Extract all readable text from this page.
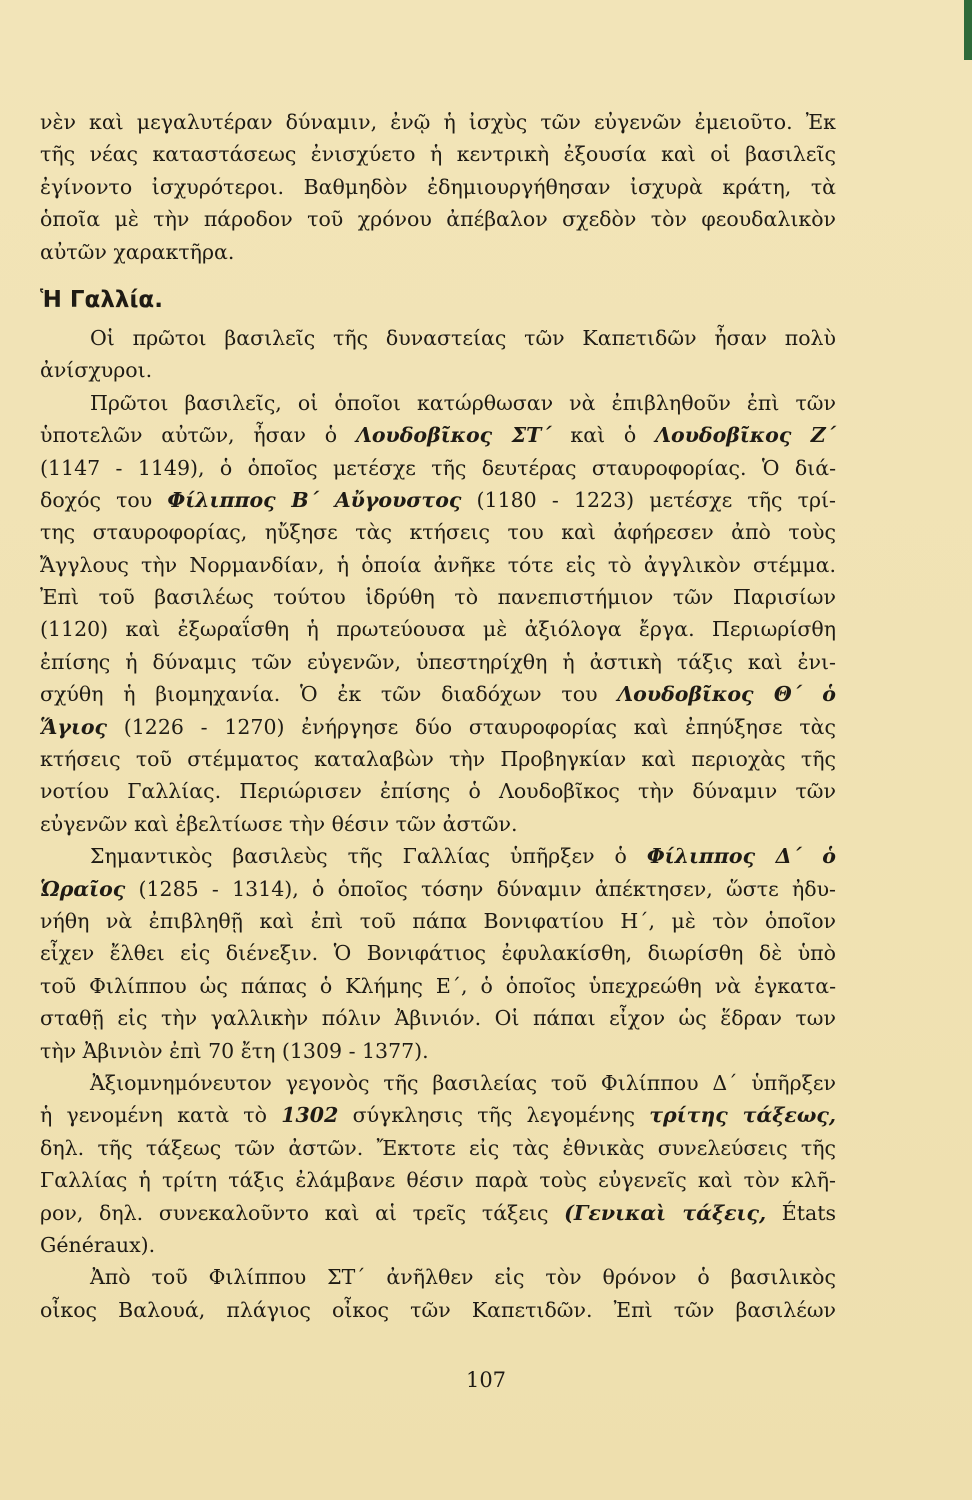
νὲν καὶ μεγαλυτέραν δύναμιν, ἐνῷ ἡ ἰσχὺς τῶν εὐγενῶν ἐμειοῦτο. Ἐκ
τῆς νέας καταστάσεως ἐνισχύετο ἡ κεντρικὴ ἐξουσία καὶ οἱ βασιλεῖς
ἐγίνοντο ἰσχυρότεροι. Βαθμηδὸν ἐδημιουργήθησαν ἰσχυρὰ κράτη, τὰ
ὁποῖα μὲ τὴν πάροδον τοῦ χρόνου ἀπέβαλον σχεδὸν τὸν φεουδαλικὸν
αὐτῶν χαρακτῆρα.
Ἡ Γαλλία.
Οἱ πρῶτοι βασιλεῖς τῆς δυναστείας τῶν Καπετιδῶν ἦσαν πολὺ
ἀνίσχυροι.
Πρῶτοι βασιλεῖς, οἱ ὁποῖοι κατώρθωσαν νὰ ἐπιβληθοῦν ἐπὶ τῶν
ὑποτελῶν αὐτῶν, ἦσαν ὁ Λουδοβῖκος ΣΤ΄ καὶ ὁ Λουδοβῖκος Ζ΄
(1147 - 1149), ὁ ὁποῖος μετέσχε τῆς δευτέρας σταυροφορίας. Ὁ διά-
δοχός του Φίλιππος Β΄ Αὔγουστος (1180 - 1223) μετέσχε τῆς τρί-
της σταυροφορίας, ηὔξησε τὰς κτήσεις του καὶ ἀφήρεσεν ἀπὸ τοὺς
Ἄγγλους τὴν Νορμανδίαν, ἡ ὁποία ἀνῆκε τότε εἰς τὸ ἀγγλικὸν στέμμα.
Ἐπὶ τοῦ βασιλέως τούτου ἱδρύθη τὸ πανεπιστήμιον τῶν Παρισίων
(1120) καὶ ἐξωραΐσθη ἡ πρωτεύουσα μὲ ἀξιόλογα ἔργα. Περιωρίσθη
ἐπίσης ἡ δύναμις τῶν εὐγενῶν, ὑπεστηρίχθη ἡ ἀστικὴ τάξις καὶ ἐνι-
σχύθη ἡ βιομηχανία. Ὁ ἐκ τῶν διαδόχων του Λουδοβῖκος Θ΄ ὁ
Ἅγιος (1226 - 1270) ἐνήργησε δύο σταυροφορίας καὶ ἐπηύξησε τὰς
κτήσεις τοῦ στέμματος καταλαβὼν τὴν Προβηγκίαν καὶ περιοχὰς τῆς
νοτίου Γαλλίας. Περιώρισεν ἐπίσης ὁ Λουδοβῖκος τὴν δύναμιν τῶν
εὐγενῶν καὶ ἐβελτίωσε τὴν θέσιν τῶν ἀστῶν.
Σημαντικὸς βασιλεὺς τῆς Γαλλίας ὑπῆρξεν ὁ Φίλιππος Δ΄ ὁ
Ὡραῖος (1285 - 1314), ὁ ὁποῖος τόσην δύναμιν ἀπέκτησεν, ὥστε ἠδυ-
νήθη νὰ ἐπιβληθῇ καὶ ἐπὶ τοῦ πάπα Βονιφατίου Η΄, μὲ τὸν ὁποῖον
εἶχεν ἔλθει εἰς διένεξιν. Ὁ Βονιφάτιος ἐφυλακίσθη, διωρίσθη δὲ ὑπὸ
τοῦ Φιλίππου ὡς πάπας ὁ Κλήμης Ε΄, ὁ ὁποῖος ὑπεχρεώθη νὰ ἐγκατα-
σταθῇ εἰς τὴν γαλλικὴν πόλιν Ἀβινιόν. Οἱ πάπαι εἶχον ὡς ἕδραν των
τὴν Ἀβινιὸν ἐπὶ 70 ἔτη (1309 - 1377).
Ἀξιομνημόνευτον γεγονὸς τῆς βασιλείας τοῦ Φιλίππου Δ΄ ὑπῆρξεν
ἡ γενομένη κατὰ τὸ 1302 σύγκλησις τῆς λεγομένης τρίτης τάξεως,
δηλ. τῆς τάξεως τῶν ἀστῶν. Ἔκτοτε εἰς τὰς ἐθνικὰς συνελεύσεις τῆς
Γαλλίας ἡ τρίτη τάξις ἐλάμβανε θέσιν παρὰ τοὺς εὐγενεῖς καὶ τὸν κλῆ-
ρον, δηλ. συνεκαλοῦντο καὶ αἱ τρεῖς τάξεις (Γενικαὶ τάξεις, États
Généraux).
Ἀπὸ τοῦ Φιλίππου ΣΤ΄ ἀνῆλθεν εἰς τὸν θρόνον ὁ βασιλικὸς
οἶκος Βαλουά, πλάγιος οἶκος τῶν Καπετιδῶν. Ἐπὶ τῶν βασιλέων
107
